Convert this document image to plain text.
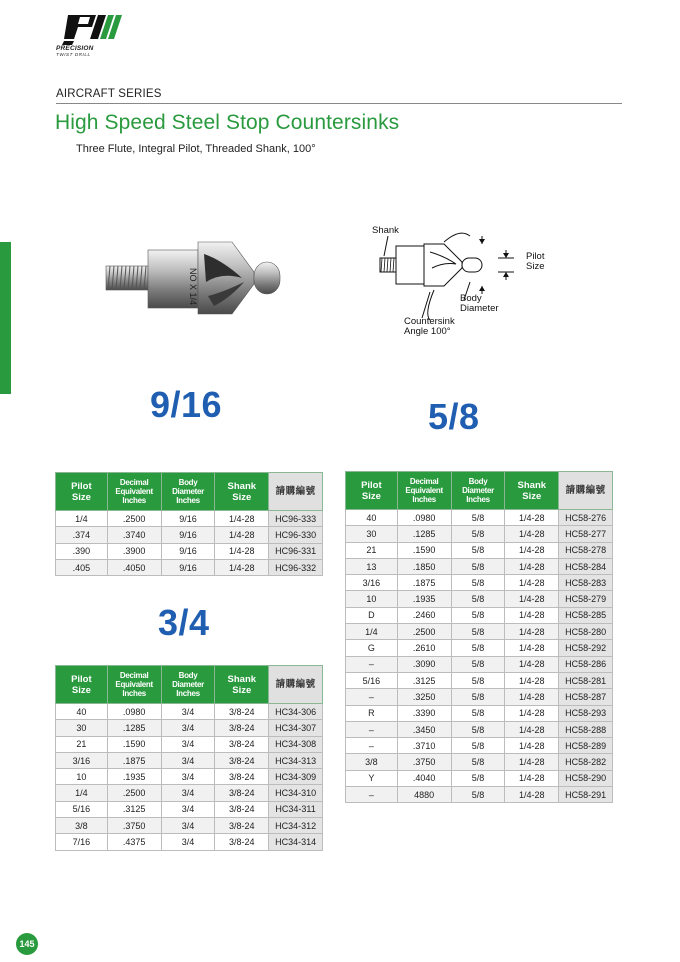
PRECISION
TWIST DRILL
AIRCRAFT SERIES
High Speed Steel Stop Countersinks
Three Flute, Integral Pilot, Threaded Shank, 100°
NO X 1/4
Shank
Pilot Size
Body Diameter
Countersink Angle 100°
9/16	5/8
3/4
Pilot
Size	Decimal
Equivalent
Inches	Body
Diameter
Inches	Shank
Size	請購編號
1/4	.2500	9/16	1/4-28	HC96-333
.374	.3740	9/16	1/4-28	HC96-330
.390	.3900	9/16	1/4-28	HC96-331
.405	.4050	9/16	1/4-28	HC96-332
Pilot
Size	Decimal
Equivalent
Inches	Body
Diameter
Inches	Shank
Size	請購編號
40	.0980	3/4	3/8-24	HC34-306
30	.1285	3/4	3/8-24	HC34-307
21	.1590	3/4	3/8-24	HC34-308
3/16	.1875	3/4	3/8-24	HC34-313
10	.1935	3/4	3/8-24	HC34-309
1/4	.2500	3/4	3/8-24	HC34-310
5/16	.3125	3/4	3/8-24	HC34-311
3/8	.3750	3/4	3/8-24	HC34-312
7/16	.4375	3/4	3/8-24	HC34-314
Pilot
Size	Decimal
Equivalent
Inches	Body
Diameter
Inches	Shank
Size	請購編號
40	.0980	5/8	1/4-28	HC58-276
30	.1285	5/8	1/4-28	HC58-277
21	.1590	5/8	1/4-28	HC58-278
13	.1850	5/8	1/4-28	HC58-284
3/16	.1875	5/8	1/4-28	HC58-283
10	.1935	5/8	1/4-28	HC58-279
D	.2460	5/8	1/4-28	HC58-285
1/4	.2500	5/8	1/4-28	HC58-280
G	.2610	5/8	1/4-28	HC58-292
–	.3090	5/8	1/4-28	HC58-286
5/16	.3125	5/8	1/4-28	HC58-281
–	.3250	5/8	1/4-28	HC58-287
R	.3390	5/8	1/4-28	HC58-293
–	.3450	5/8	1/4-28	HC58-288
–	.3710	5/8	1/4-28	HC58-289
3/8	.3750	5/8	1/4-28	HC58-282
Y	.4040	5/8	1/4-28	HC58-290
–	4880	5/8	1/4-28	HC58-291
145
